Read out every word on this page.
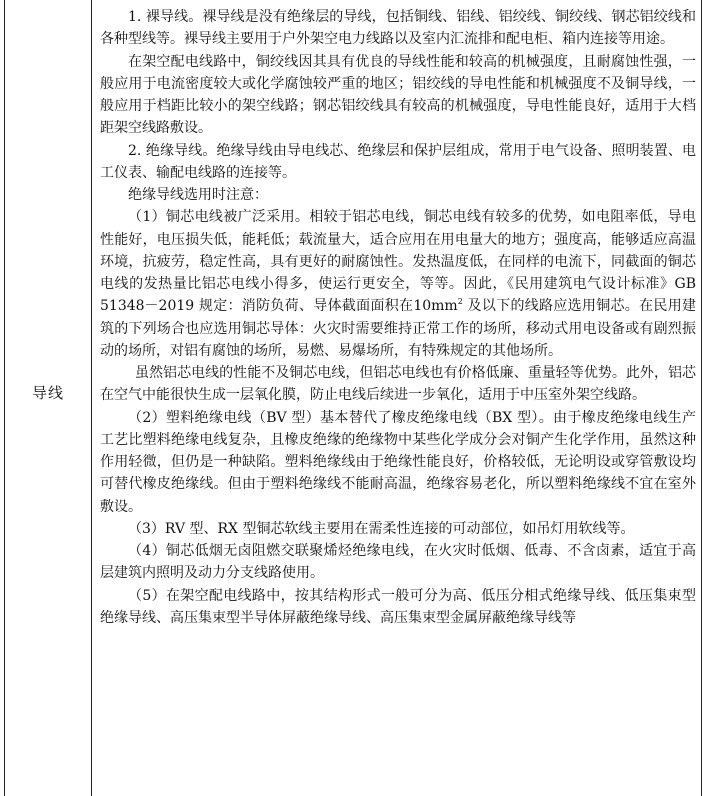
导线

1. 裸导线。裸导线是没有绝缘层的导线，包括铜线、铝线、铝绞线、铜绞线、钢芯铝绞线和各种型线等。裸导线主要用于户外架空电力线路以及室内汇流排和配电柜、箱内连接等用途。

在架空配电线路中，铜绞线因其具有优良的导线性能和较高的机械强度，且耐腐蚀性强，一般应用于电流密度较大或化学腐蚀较严重的地区；铝绞线的导电性能和机械强度不及铜导线，一般应用于档距比较小的架空线路；钢芯铝绞线具有较高的机械强度，导电性能良好，适用于大档距架空线路敷设。

2. 绝缘导线。绝缘导线由导电线芯、绝缘层和保护层组成，常用于电气设备、照明装置、电工仪表、输配电线路的连接等。

绝缘导线选用时注意：

（1）铜芯电线被广泛采用。相较于铝芯电线，铜芯电线有较多的优势，如电阻率低，导电性能好，电压损失低，能耗低；载流量大，适合应用在用电量大的地方；强度高，能够适应高温环境，抗疲劳，稳定性高，具有更好的耐腐蚀性。发热温度低，在同样的电流下，同截面的铜芯电线的发热量比铝芯电线小得多，使运行更安全，等等。因此，《民用建筑电气设计标准》GB 51348－2019 规定：消防负荷、导体截面面积在$10mm^2$ 及以下的线路应选用铜芯。在民用建筑的下列场合也应选用铜芯导体：火灾时需要维持正常工作的场所，移动式用电设备或有剧烈振动的场所，对铝有腐蚀的场所，易燃、易爆场所，有特殊规定的其他场所。

虽然铝芯电线的性能不及铜芯电线，但铝芯电线也有价格低廉、重量轻等优势。此外，铝芯在空气中能很快生成一层氧化膜，防止电线后续进一步氧化，适用于中压室外架空线路。

（2）塑料绝缘电线（BV 型）基本替代了橡皮绝缘电线（BX 型）。由于橡皮绝缘电线生产工艺比塑料绝缘电线复杂，且橡皮绝缘的绝缘物中某些化学成分会对铜产生化学作用，虽然这种作用轻微，但仍是一种缺陷。塑料绝缘线由于绝缘性能良好，价格较低，无论明设或穿管敷设均可替代橡皮绝缘线。但由于塑料绝缘线不能耐高温，绝缘容易老化，所以塑料绝缘线不宜在室外敷设。

（3）RV 型、RX 型铜芯软线主要用在需柔性连接的可动部位，如吊灯用软线等。

（4）铜芯低烟无卤阻燃交联聚烯烃绝缘电线，在火灾时低烟、低毒、不含卤素，适宜于高层建筑内照明及动力分支线路使用。

（5）在架空配电线路中，按其结构形式一般可分为高、低压分相式绝缘导线、低压集束型绝缘导线、高压集束型半导体屏蔽绝缘导线、高压集束型金属屏蔽绝缘导线等
